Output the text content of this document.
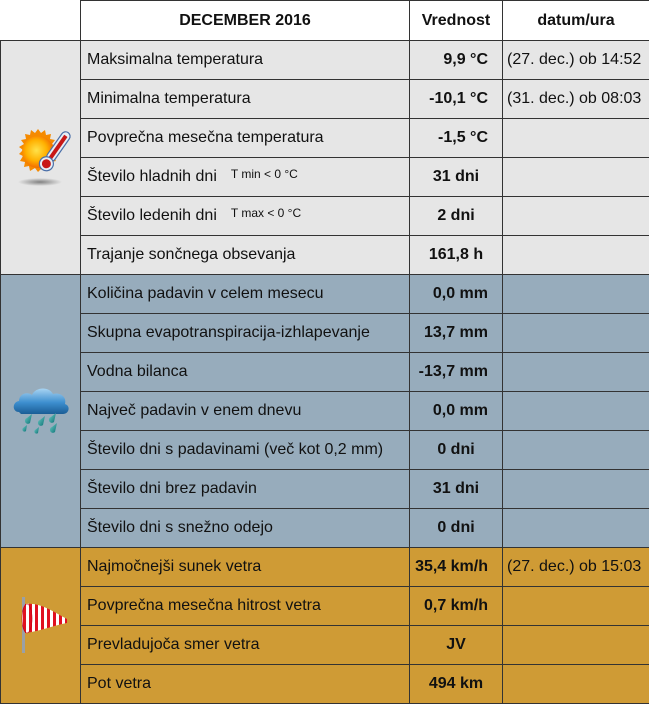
	DECEMBER 2016	Vrednost	datum/ura
	Maksimalna temperatura	9,9 °C	(27. dec.) ob 14:52
	Minimalna temperatura	-10,1 °C	(31. dec.) ob 08:03
	Povprečna mesečna temperatura	-1,5 °C	
	Število hladnih dni T min < 0 °C	31 dni	
	Število ledenih dni T max < 0 °C	2 dni	
	Trajanje sončnega obsevanja	161,8 h	
	Količina padavin v celem mesecu	0,0 mm	
	Skupna evapotranspiracija-izhlapevanje	13,7 mm	
	Vodna bilanca	-13,7 mm	
	Največ padavin v enem dnevu	0,0 mm	
	Število dni s padavinami (več kot 0,2 mm)	0 dni	
	Število dni brez padavin	31 dni	
	Število dni s snežno odejo	0 dni	
	Najmočnejši sunek vetra	35,4 km/h	(27. dec.) ob 15:03
	Povprečna mesečna hitrost vetra	0,7 km/h	
	Prevladujoča smer vetra	JV	
	Pot vetra	494 km	
